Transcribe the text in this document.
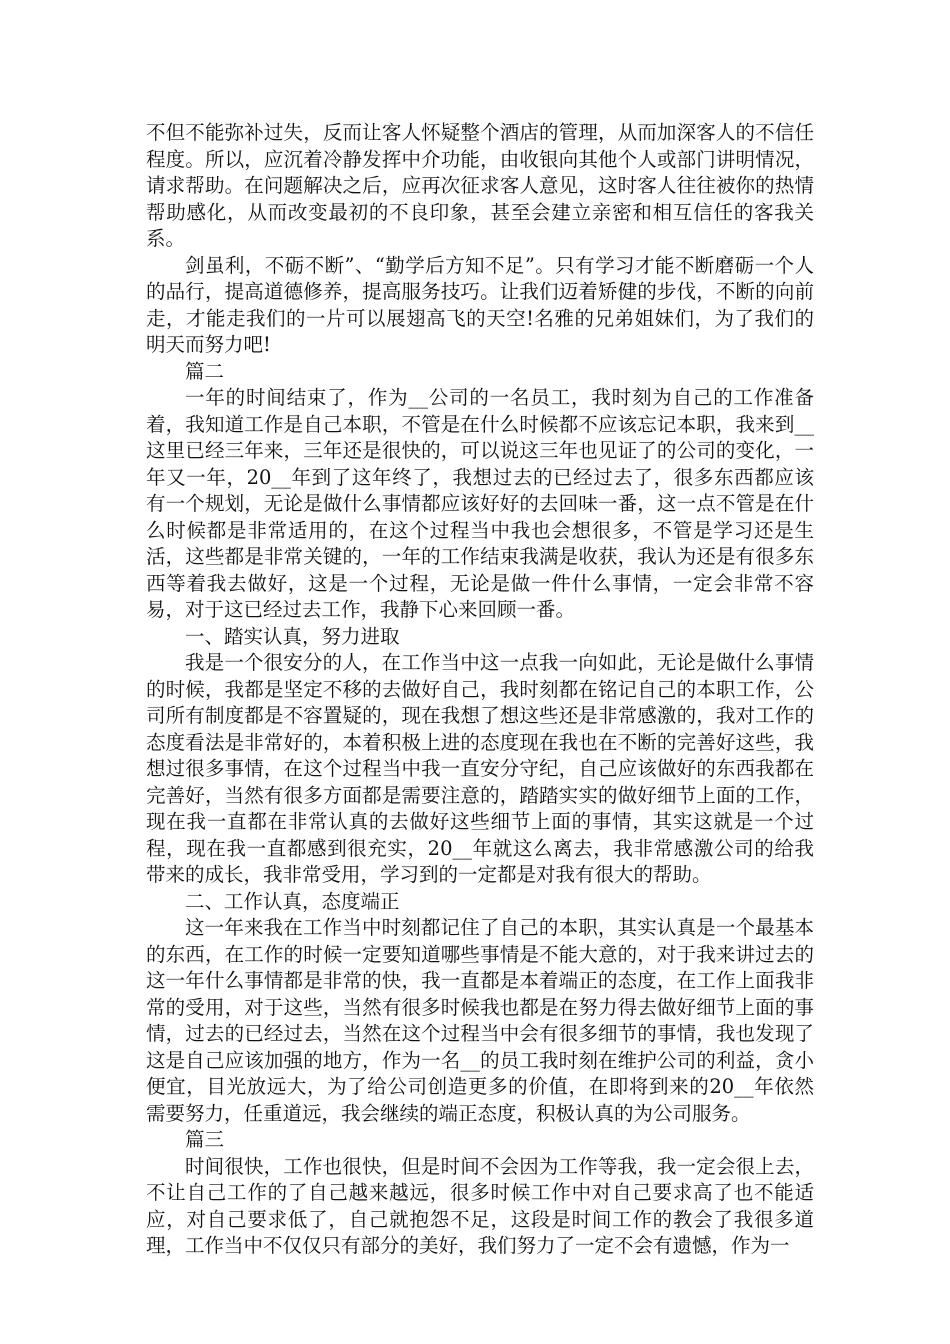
不但不能弥补过失，反而让客人怀疑整个酒店的管理，从而加深客人的不信任程度。所以，应沉着冷静发挥中介功能，由收银向其他个人或部门讲明情况，请求帮助。在问题解决之后，应再次征求客人意见，这时客人往往被你的热情帮助感化，从而改变最初的不良印象，甚至会建立亲密和相互信任的客我关系。

剑虽利，不砺不断”、“勤学后方知不足”。只有学习才能不断磨砺一个人的品行，提高道德修养，提高服务技巧。让我们迈着矫健的步伐，不断的向前走，才能走我们的一片可以展翅高飞的天空!名雅的兄弟姐妹们，为了我们的明天而努力吧!

篇二

一年的时间结束了，作为__公司的一名员工，我时刻为自己的工作准备着，我知道工作是自己本职，不管是在什么时候都不应该忘记本职，我来到__这里已经三年来，三年还是很快的，可以说这三年也见证了的公司的变化，一年又一年，20__年到了这年终了，我想过去的已经过去了，很多东西都应该有一个规划，无论是做什么事情都应该好好的去回味一番，这一点不管是在什么时候都是非常适用的，在这个过程当中我也会想很多，不管是学习还是生活，这些都是非常关键的，一年的工作结束我满是收获，我认为还是有很多东西等着我去做好，这是一个过程，无论是做一件什么事情，一定会非常不容易，对于这已经过去工作，我静下心来回顾一番。

一、踏实认真，努力进取

我是一个很安分的人，在工作当中这一点我一向如此，无论是做什么事情的时候，我都是坚定不移的去做好自己，我时刻都在铭记自己的本职工作，公司所有制度都是不容置疑的，现在我想了想这些还是非常感激的，我对工作的态度看法是非常好的，本着积极上进的态度现在我也在不断的完善好这些，我想过很多事情，在这个过程当中我一直安分守纪，自己应该做好的东西我都在完善好，当然有很多方面都是需要注意的，踏踏实实的做好细节上面的工作，现在我一直都在非常认真的去做好这些细节上面的事情，其实这就是一个过程，现在我一直都感到很充实，20__年就这么离去，我非常感激公司的给我带来的成长，我非常受用，学习到的一定都是对我有很大的帮助。

二、工作认真，态度端正

这一年来我在工作当中时刻都记住了自己的本职，其实认真是一个最基本的东西，在工作的时候一定要知道哪些事情是不能大意的，对于我来讲过去的这一年什么事情都是非常的快，我一直都是本着端正的态度，在工作上面我非常的受用，对于这些，当然有很多时候我也都是在努力得去做好细节上面的事情，过去的已经过去，当然在这个过程当中会有很多细节的事情，我也发现了这是自己应该加强的地方，作为一名__的员工我时刻在维护公司的利益，贪小便宜，目光放远大，为了给公司创造更多的价值，在即将到来的20__年依然需要努力，任重道远，我会继续的端正态度，积极认真的为公司服务。

篇三

时间很快，工作也很快，但是时间不会因为工作等我，我一定会很上去，不让自己工作的了自己越来越远，很多时候工作中对自己要求高了也不能适应，对自己要求低了，自己就抱怨不足，这段是时间工作的教会了我很多道理，工作当中不仅仅只有部分的美好，我们努力了一定不会有遗憾，作为一
